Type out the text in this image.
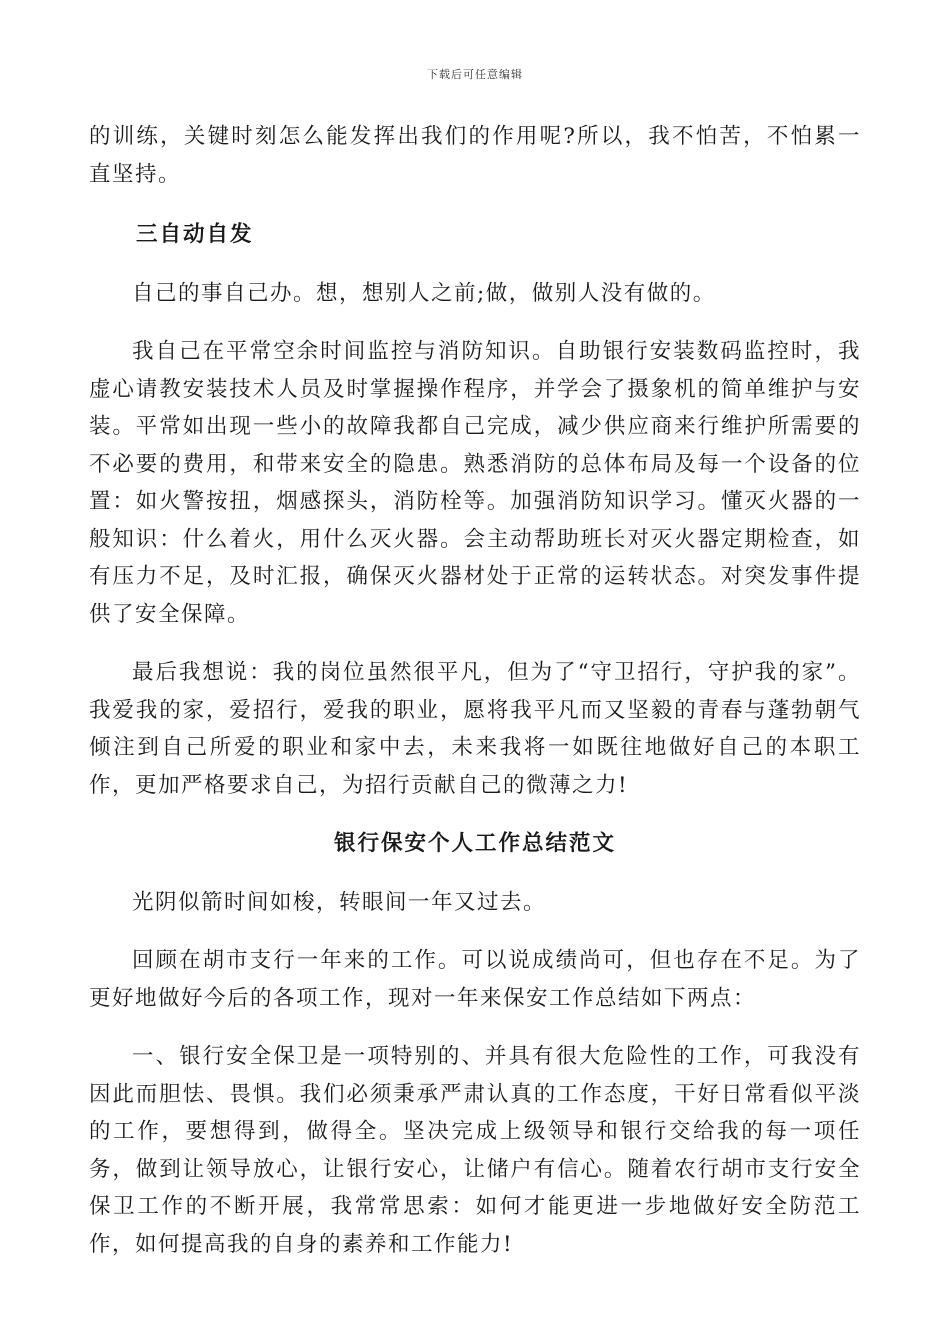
下载后可任意编辑

的训练，关键时刻怎么能发挥出我们的作用呢?所以，我不怕苦，不怕累一直坚持。

三自动自发

自己的事自己办。想，想别人之前;做，做别人没有做的。

我自己在平常空余时间监控与消防知识。自助银行安装数码监控时，我虚心请教安装技术人员及时掌握操作程序，并学会了摄象机的简单维护与安装。平常如出现一些小的故障我都自己完成，减少供应商来行维护所需要的不必要的费用，和带来安全的隐患。熟悉消防的总体布局及每一个设备的位置：如火警按扭，烟感探头，消防栓等。加强消防知识学习。懂灭火器的一般知识：什么着火，用什么灭火器。会主动帮助班长对灭火器定期检查，如有压力不足，及时汇报，确保灭火器材处于正常的运转状态。对突发事件提供了安全保障。

最后我想说：我的岗位虽然很平凡，但为了“守卫招行，守护我的家”。我爱我的家，爱招行，爱我的职业，愿将我平凡而又坚毅的青春与蓬勃朝气倾注到自己所爱的职业和家中去，未来我将一如既往地做好自己的本职工作，更加严格要求自己，为招行贡献自己的微薄之力!

银行保安个人工作总结范文

光阴似箭时间如梭，转眼间一年又过去。

回顾在胡市支行一年来的工作。可以说成绩尚可，但也存在不足。为了更好地做好今后的各项工作，现对一年来保安工作总结如下两点：

一、银行安全保卫是一项特别的、并具有很大危险性的工作，可我没有因此而胆怯、畏惧。我们必须秉承严肃认真的工作态度，干好日常看似平淡的工作，要想得到，做得全。坚决完成上级领导和银行交给我的每一项任务，做到让领导放心，让银行安心，让储户有信心。随着农行胡市支行安全保卫工作的不断开展，我常常思索：如何才能更进一步地做好安全防范工作，如何提高我的自身的素养和工作能力!
